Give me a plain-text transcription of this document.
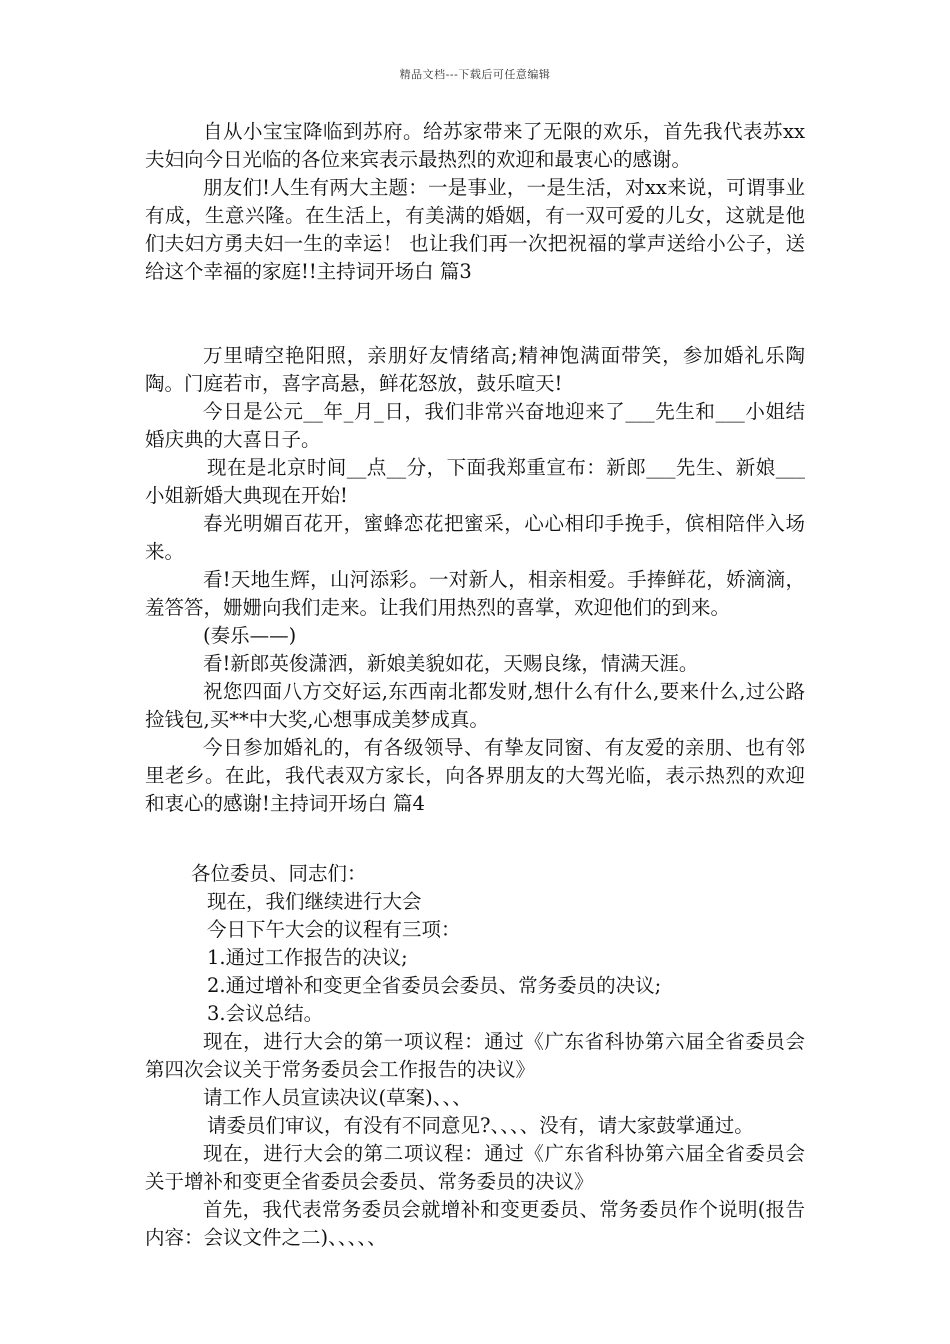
精品文档---下载后可任意编辑

自从小宝宝降临到苏府。给苏家带来了无限的欢乐，首先我代表苏xx夫妇向今日光临的各位来宾表示最热烈的欢迎和最衷心的感谢。

朋友们!人生有两大主题：一是事业，一是生活，对xx来说，可谓事业有成，生意兴隆。在生活上，有美满的婚姻，有一双可爱的儿女，这就是他们夫妇方勇夫妇一生的幸运！ 也让我们再一次把祝福的掌声送给小公子，送给这个幸福的家庭!!主持词开场白 篇3

万里晴空艳阳照，亲朋好友情绪高;精神饱满面带笑，参加婚礼乐陶陶。门庭若市，喜字高悬，鲜花怒放，鼓乐喧天!

今日是公元__年_月_日，我们非常兴奋地迎来了___先生和___小姐结婚庆典的大喜日子。

现在是北京时间__点__分，下面我郑重宣布：新郎___先生、新娘___小姐新婚大典现在开始!

春光明媚百花开，蜜蜂恋花把蜜采，心心相印手挽手，傧相陪伴入场来。

看!天地生辉，山河添彩。一对新人，相亲相爱。手捧鲜花，娇滴滴，羞答答，姗姗向我们走来。让我们用热烈的喜掌，欢迎他们的到来。

(奏乐——)

看!新郎英俊潇洒，新娘美貌如花，天赐良缘，情满天涯。

祝您四面八方交好运,东西南北都发财,想什么有什么,要来什么,过公路捡钱包,买**中大奖,心想事成美梦成真。

今日参加婚礼的，有各级领导、有挚友同窗、有友爱的亲朋、也有邻里老乡。在此，我代表双方家长，向各界朋友的大驾光临，表示热烈的欢迎和衷心的感谢!主持词开场白 篇4

各位委员、同志们：

现在，我们继续进行大会

今日下午大会的议程有三项：

1.通过工作报告的决议;

2.通过增补和变更全省委员会委员、常务委员的决议;

3.会议总结。

现在，进行大会的第一项议程：通过《广东省科协第六届全省委员会第四次会议关于常务委员会工作报告的决议》

请工作人员宣读决议(草案)、、、

请委员们审议，有没有不同意见?、、、、没有，请大家鼓掌通过。

现在，进行大会的第二项议程：通过《广东省科协第六届全省委员会关于增补和变更全省委员会委员、常务委员的决议》

首先，我代表常务委员会就增补和变更委员、常务委员作个说明(报告内容：会议文件之二)、、、、、
